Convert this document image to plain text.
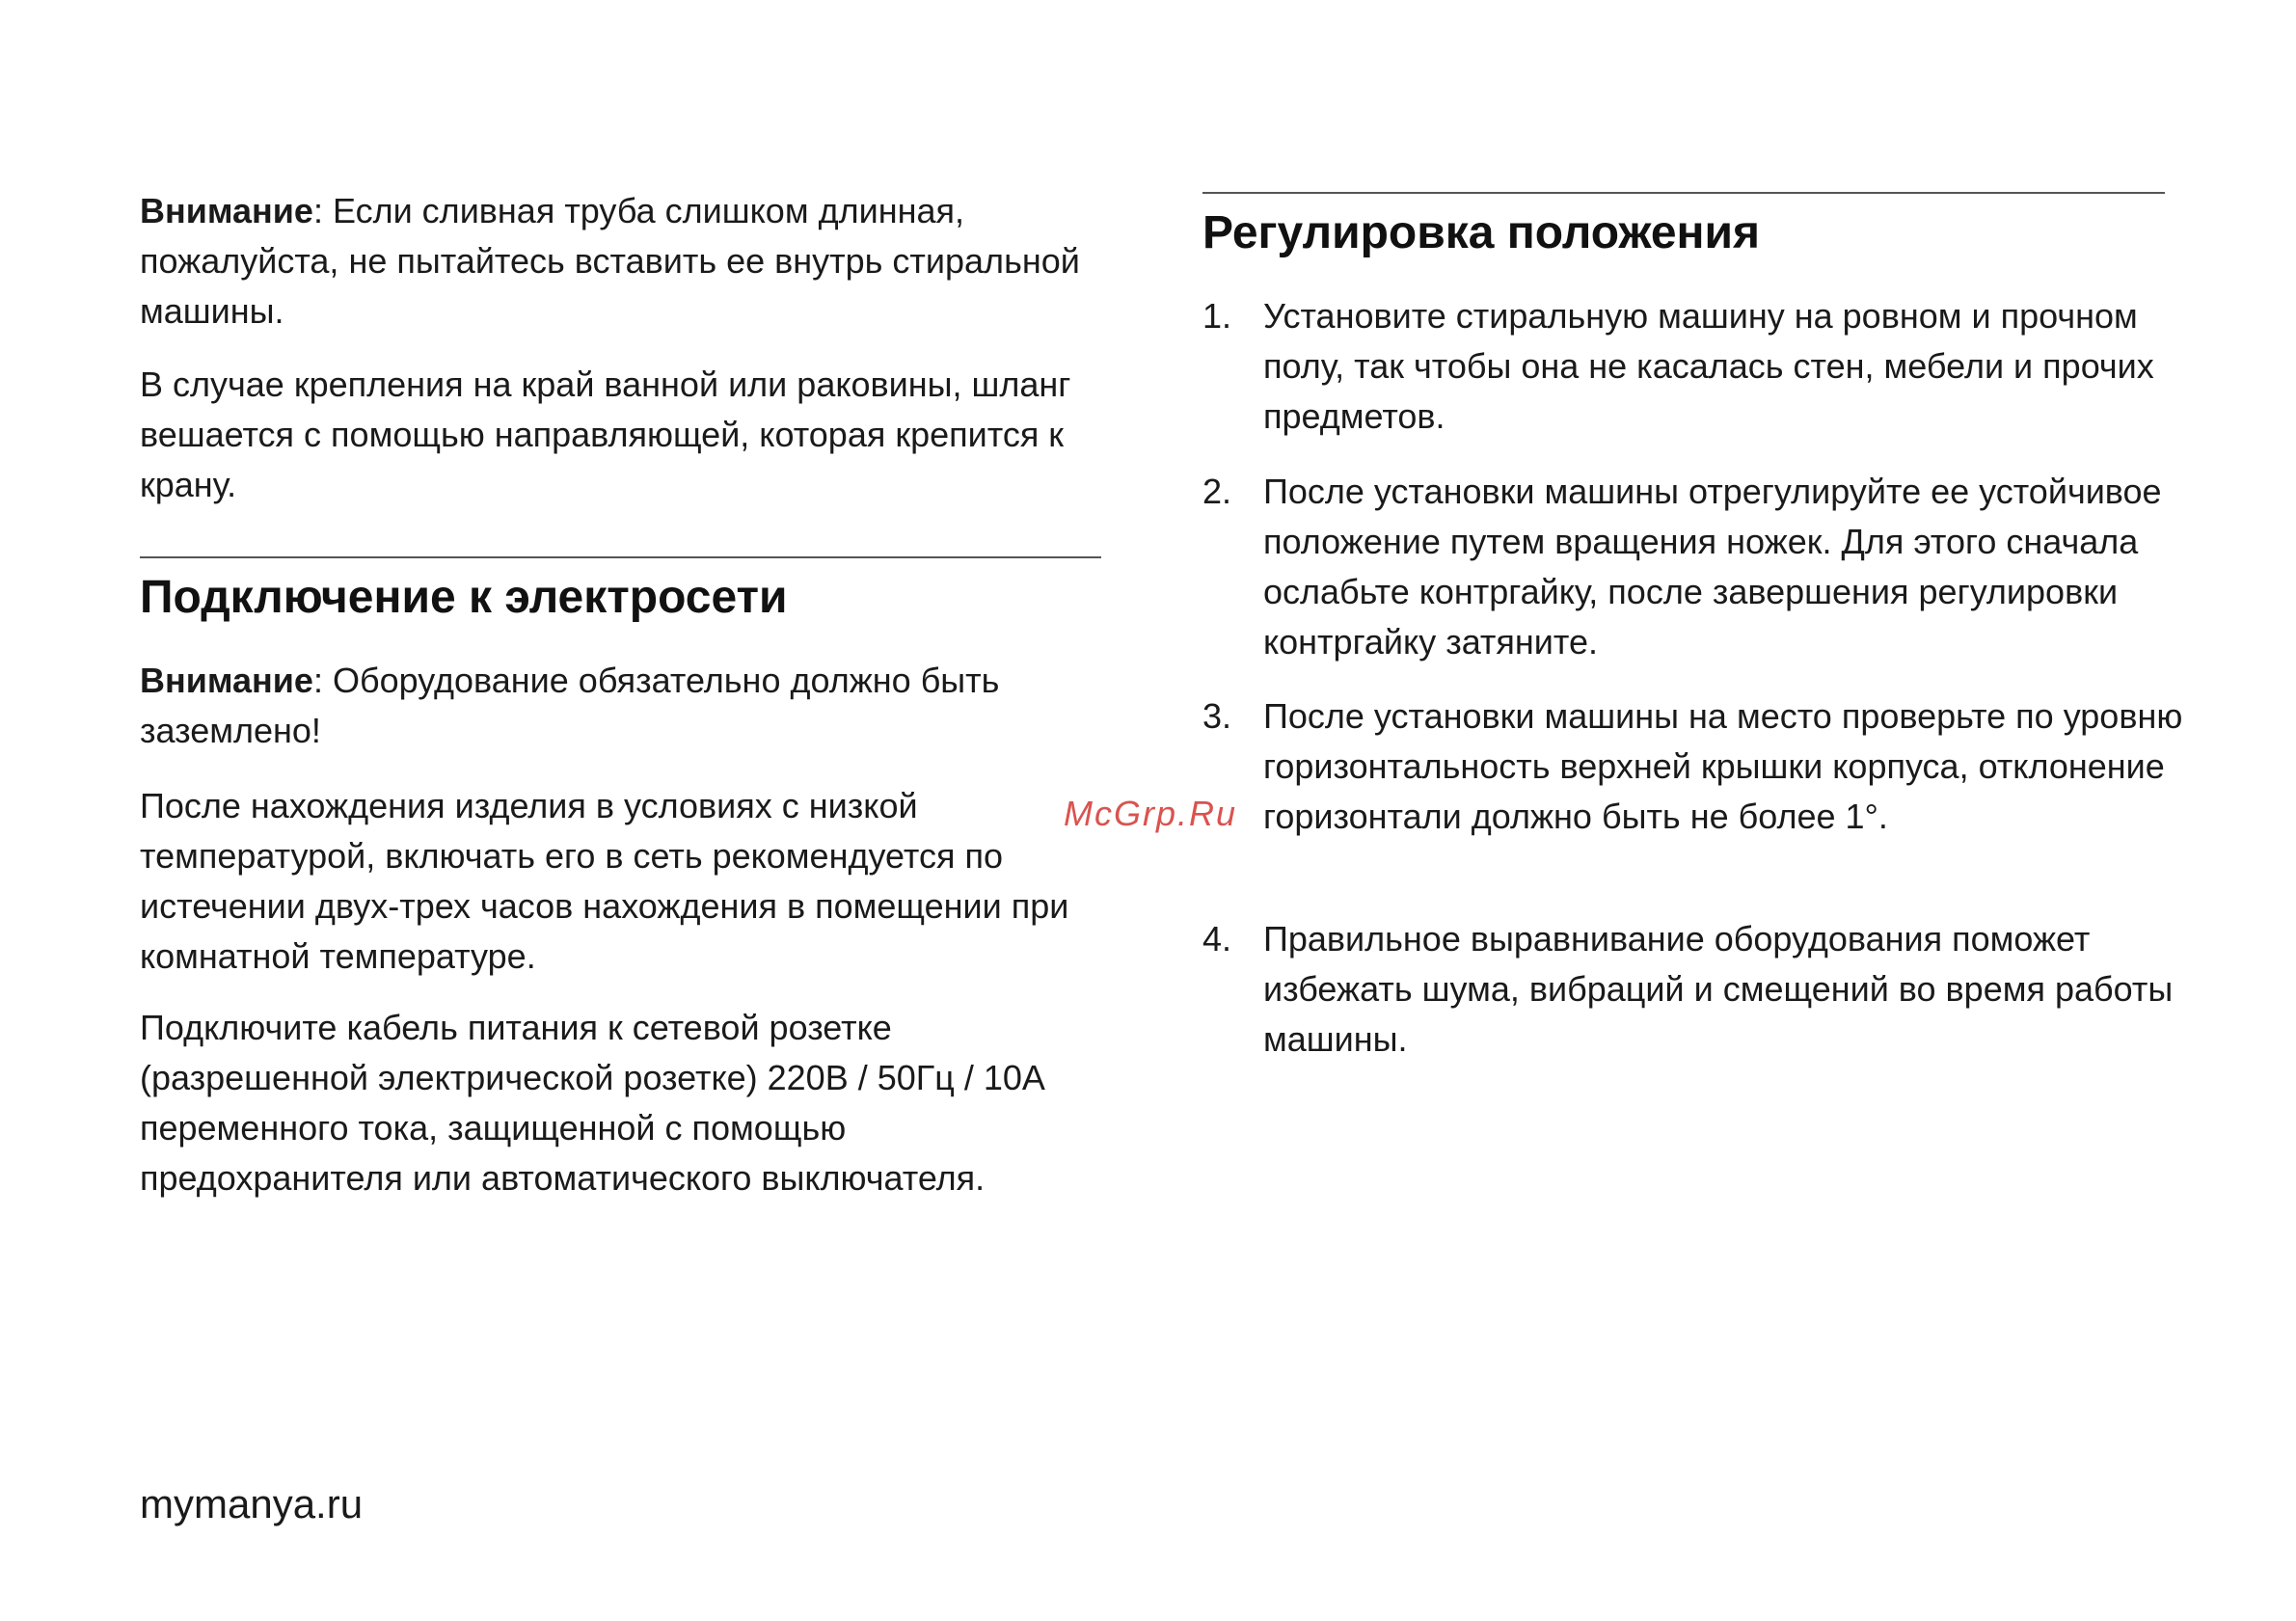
Внимание: Если сливная труба слишком длинная, пожалуйста, не пытайтесь вставить ее внутрь стиральной машины.

В случае крепления на край ванной или раковины, шланг вешается с помощью направляющей, которая крепится к крану.

Подключение к электросети

Внимание: Оборудование обязательно должно быть заземлено!

После нахождения изделия в условиях с низкой температурой, включать его в сеть рекомендуется по истечении двух-трех часов нахождения в помещении при комнатной температуре.

Подключите кабель питания к сетевой розетке (разрешенной электрической розетке) 220В / 50Гц / 10А переменного тока, защищенной с помощью предохранителя или автоматического выключателя.

Регулировка положения
1. Установите стиральную машину на ровном и прочном полу, так чтобы она не касалась стен, мебели и прочих предметов.
2. После установки машины отрегулируйте ее устойчивое положение путем вращения ножек. Для этого сначала ослабьте контргайку, после завершения регулировки контргайку затяните.
3. После установки машины на место проверьте по уровню горизонтальность верхней крышки корпуса, отклонение горизонтали должно быть не более 1°.
4. Правильное выравнивание оборудования поможет избежать шума, вибраций и смещений во время работы машины.
McGrp.Ru
mymanya.ru
